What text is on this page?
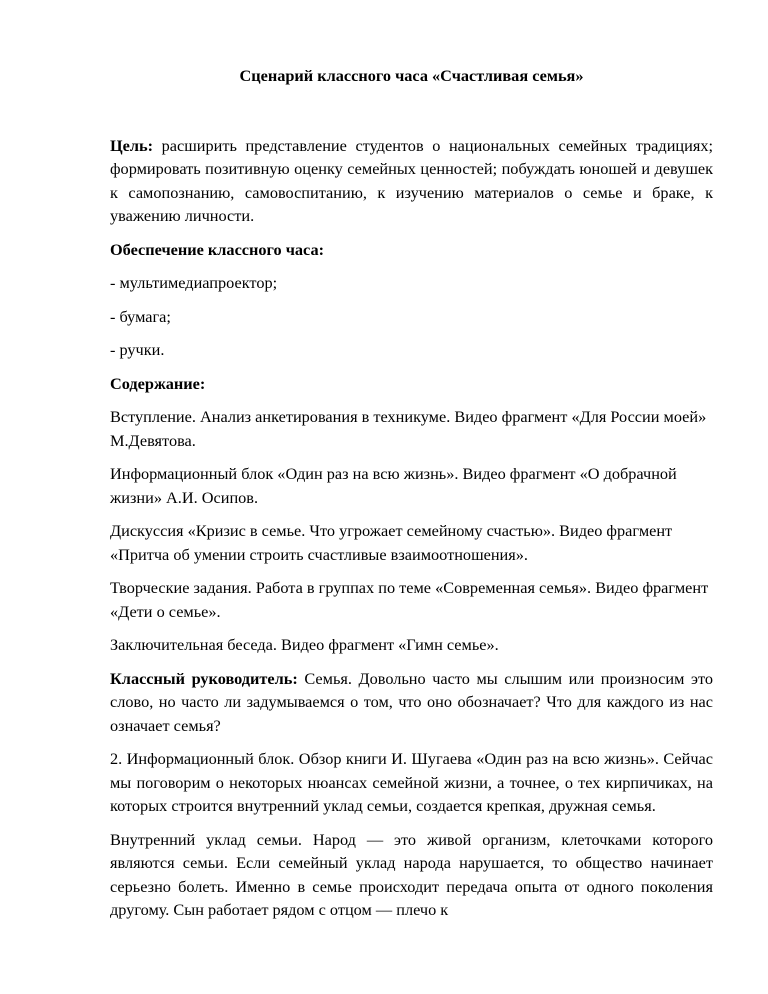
Сценарий классного часа «Счастливая семья»

Цель: расширить представление студентов о национальных семейных традициях; формировать позитивную оценку семейных ценностей; побуждать юношей и девушек к самопознанию, самовоспитанию, к изучению материалов о семье и браке, к уважению личности.

Обеспечение классного часа:

- мультимедиапроектор;

- бумага;

- ручки.

Содержание:

Вступление. Анализ анкетирования в техникуме. Видео фрагмент «Для России моей» М.Девятова.

Информационный блок «Один раз на всю жизнь». Видео фрагмент «О добрачной жизни» А.И. Осипов.

Дискуссия «Кризис в семье. Что угрожает семейному счастью». Видео фрагмент «Притча об умении строить счастливые взаимоотношения».

Творческие задания. Работа в группах по теме «Современная семья». Видео фрагмент «Дети о семье».

Заключительная беседа. Видео фрагмент «Гимн семье».

Классный руководитель: Семья. Довольно часто мы слышим или произносим это слово, но часто ли задумываемся о том, что оно обозначает? Что для каждого из нас означает семья?

2. Информационный блок. Обзор книги И. Шугаева «Один раз на всю жизнь». Сейчас мы поговорим о некоторых нюансах семейной жизни, а точнее, о тех кирпичиках, на которых строится внутренний уклад семьи, создается крепкая, дружная семья.

Внутренний уклад семьи. Народ — это живой организм, клеточками которого являются семьи. Если семейный уклад народа нарушается, то общество начинает серьезно болеть. Именно в семье происходит передача опыта от одного поколения другому. Сын работает рядом с отцом — плечо к
